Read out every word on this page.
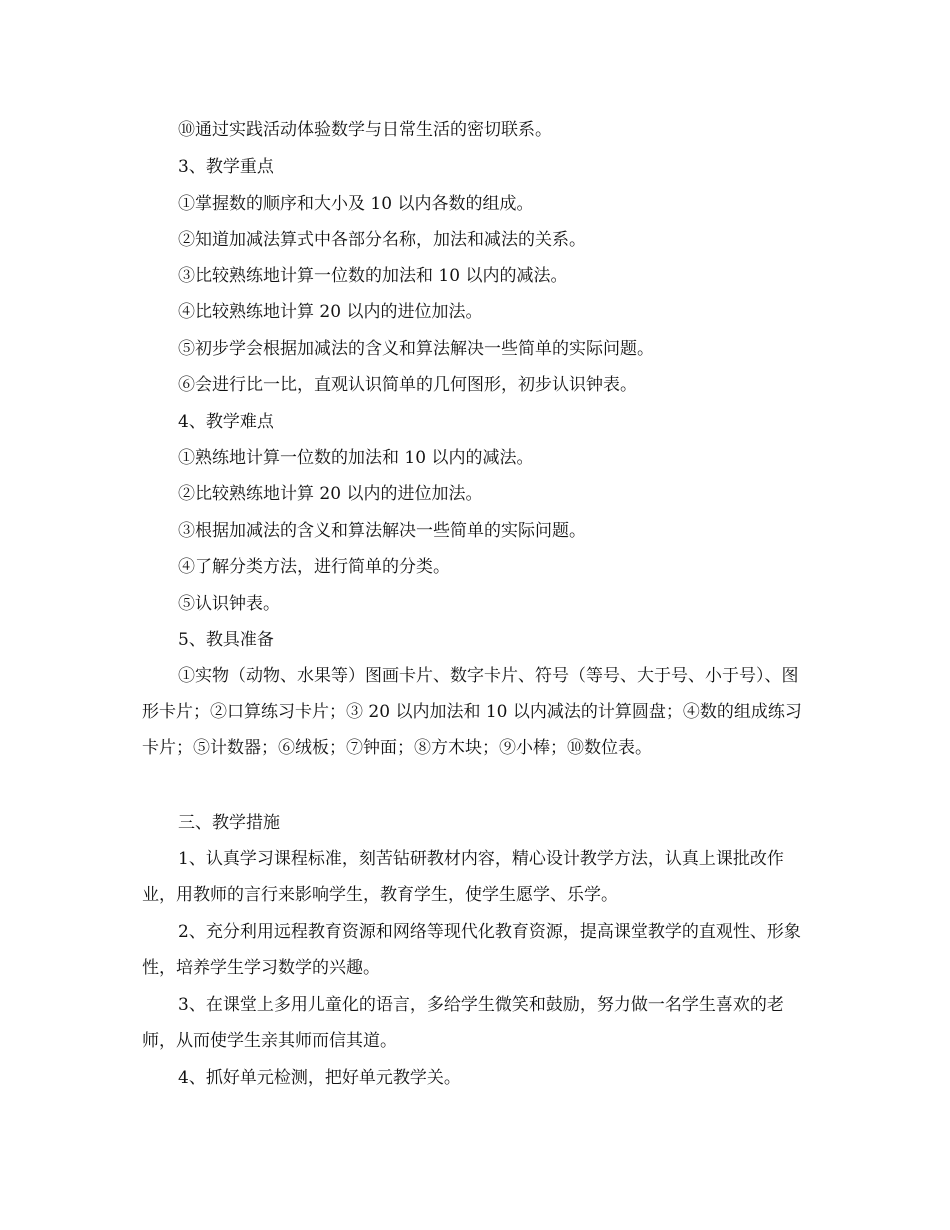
⑩通过实践活动体验数学与日常生活的密切联系。
3、教学重点
①掌握数的顺序和大小及 10 以内各数的组成。
②知道加减法算式中各部分名称，加法和减法的关系。
③比较熟练地计算一位数的加法和 10 以内的减法。
④比较熟练地计算 20 以内的进位加法。
⑤初步学会根据加减法的含义和算法解决一些简单的实际问题。
⑥会进行比一比，直观认识简单的几何图形，初步认识钟表。
4、教学难点
①熟练地计算一位数的加法和 10 以内的减法。
②比较熟练地计算 20 以内的进位加法。
③根据加减法的含义和算法解决一些简单的实际问题。
④了解分类方法，进行简单的分类。
⑤认识钟表。
5、教具准备
①实物（动物、水果等）图画卡片、数字卡片、符号（等号、大于号、小于号）、图形卡片；②口算练习卡片；③ 20 以内加法和 10 以内减法的计算圆盘；④数的组成练习卡片；⑤计数器；⑥绒板；⑦钟面；⑧方木块；⑨小棒；⑩数位表。
三、教学措施
1、认真学习课程标准，刻苦钻研教材内容，精心设计教学方法，认真上课批改作业，用教师的言行来影响学生，教育学生，使学生愿学、乐学。
2、充分利用远程教育资源和网络等现代化教育资源，提高课堂教学的直观性、形象性，培养学生学习数学的兴趣。
3、在课堂上多用儿童化的语言，多给学生微笑和鼓励，努力做一名学生喜欢的老师，从而使学生亲其师而信其道。
4、抓好单元检测，把好单元教学关。
